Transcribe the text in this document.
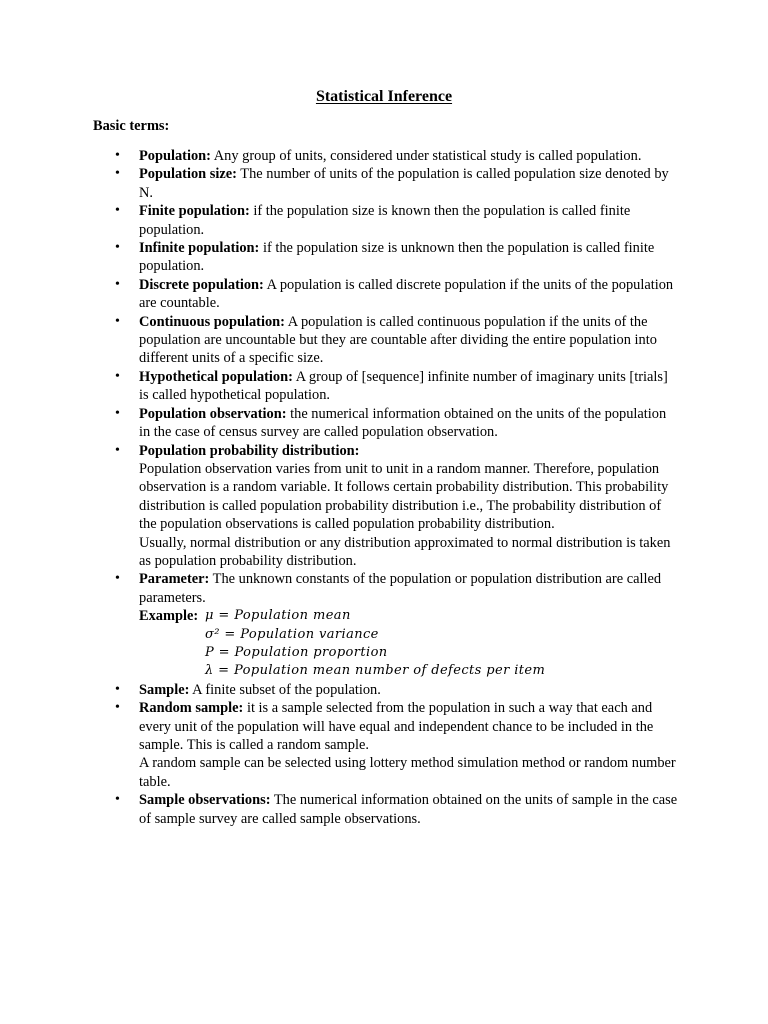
Statistical Inference
Basic terms:
• Population: Any group of units, considered under statistical study is called population.
• Population size: The number of units of the population is called population size denoted by N.
• Finite population: if the population size is known then the population is called finite population.
• Infinite population: if the population size is unknown then the population is called finite population.
• Discrete population: A population is called discrete population if the units of the population are countable.
• Continuous population: A population is called continuous population if the units of the population are uncountable but they are countable after dividing the entire population into different units of a specific size.
• Hypothetical population: A group of [sequence] infinite number of imaginary units [trials] is called hypothetical population.
• Population observation: the numerical information obtained on the units of the population in the case of census survey are called population observation.
• Population probability distribution:
Population observation varies from unit to unit in a random manner. Therefore, population observation is a random variable. It follows certain probability distribution. This probability distribution is called population probability distribution i.e., The probability distribution of the population observations is called population probability distribution.
Usually, normal distribution or any distribution approximated to normal distribution is taken as population probability distribution.
• Parameter: The unknown constants of the population or population distribution are called parameters.
Example: μ = Population mean
σ² = Population variance
P = Population proportion
λ = Population mean number of defects per item
• Sample: A finite subset of the population.
• Random sample: it is a sample selected from the population in such a way that each and every unit of the population will have equal and independent chance to be included in the sample. This is called a random sample.
A random sample can be selected using lottery method simulation method or random number table.
• Sample observations: The numerical information obtained on the units of sample in the case of sample survey are called sample observations.
